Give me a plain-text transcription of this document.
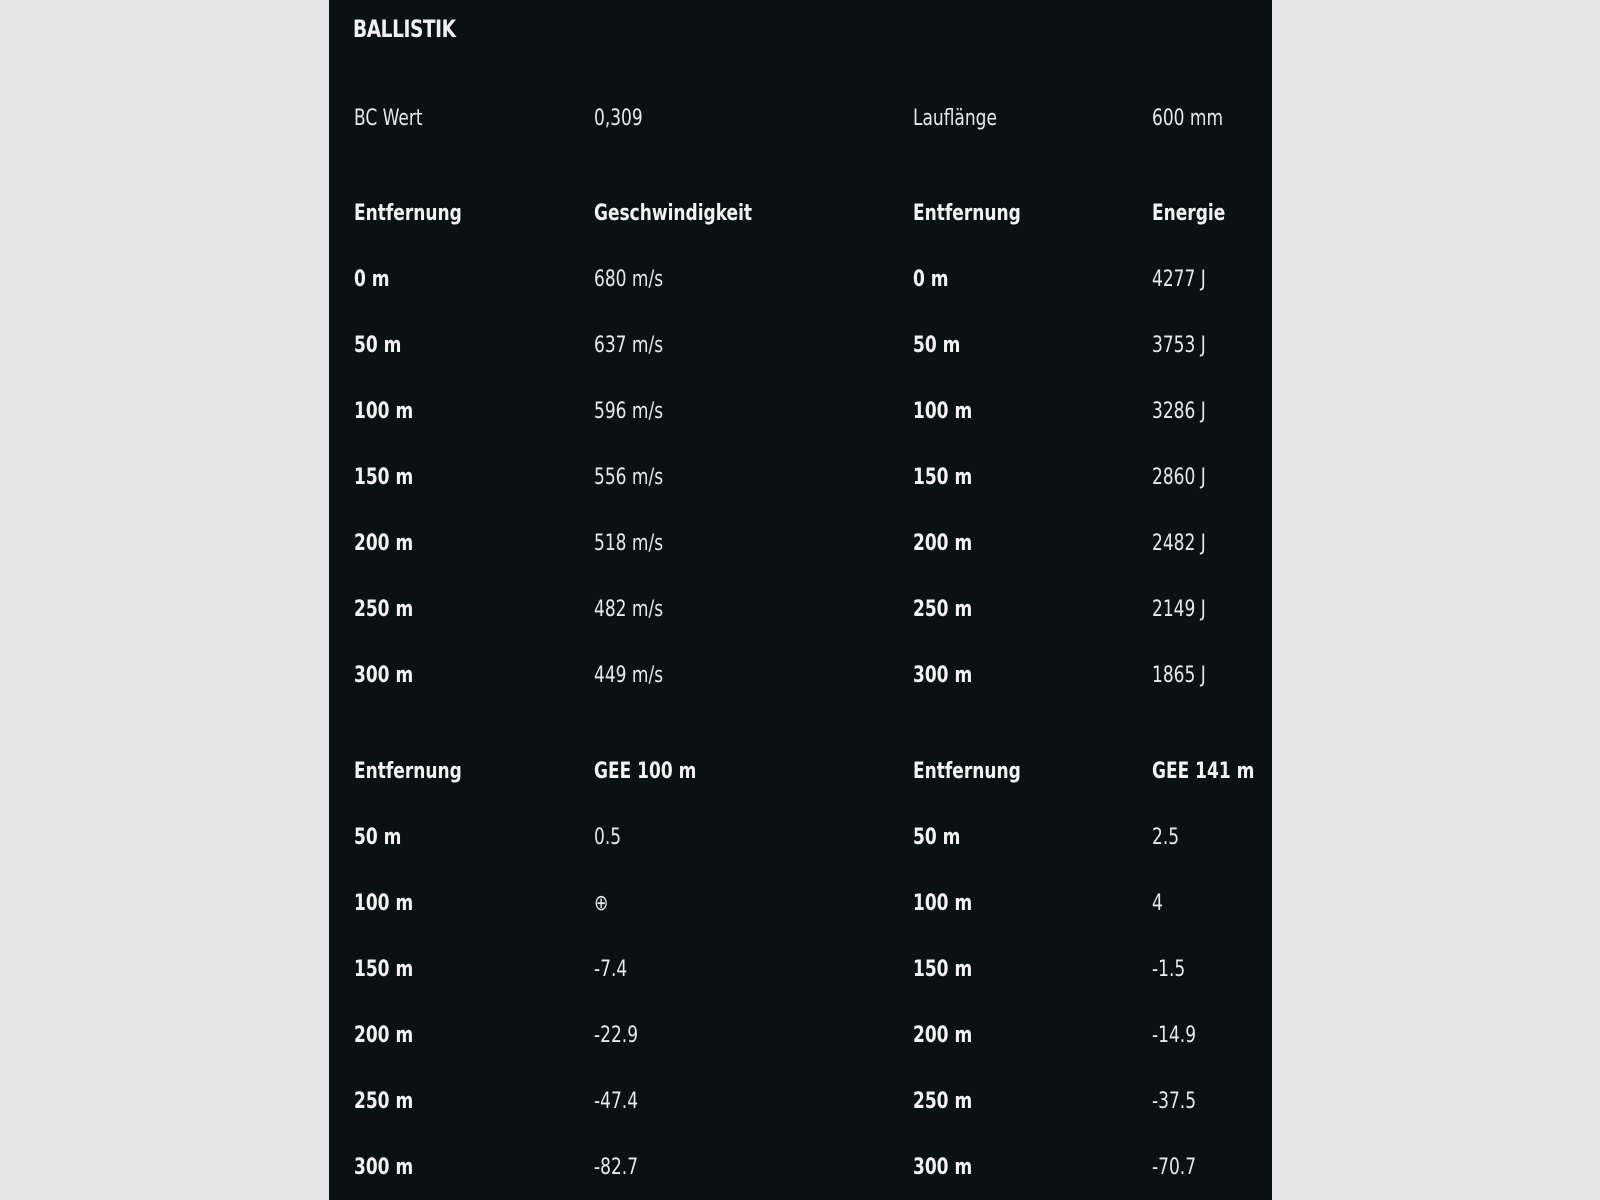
BALLISTIK
BC Wert	0,309	Lauflänge	600 mm
Entfernung	Geschwindigkeit	Entfernung	Energie
0 m	680 m/s	0 m	4277 J
50 m	637 m/s	50 m	3753 J
100 m	596 m/s	100 m	3286 J
150 m	556 m/s	150 m	2860 J
200 m	518 m/s	200 m	2482 J
250 m	482 m/s	250 m	2149 J
300 m	449 m/s	300 m	1865 J
Entfernung	GEE 100 m	Entfernung	GEE 141 m
50 m	0.5	50 m	2.5
100 m	⊕	100 m	4
150 m	-7.4	150 m	-1.5
200 m	-22.9	200 m	-14.9
250 m	-47.4	250 m	-37.5
300 m	-82.7	300 m	-70.7
